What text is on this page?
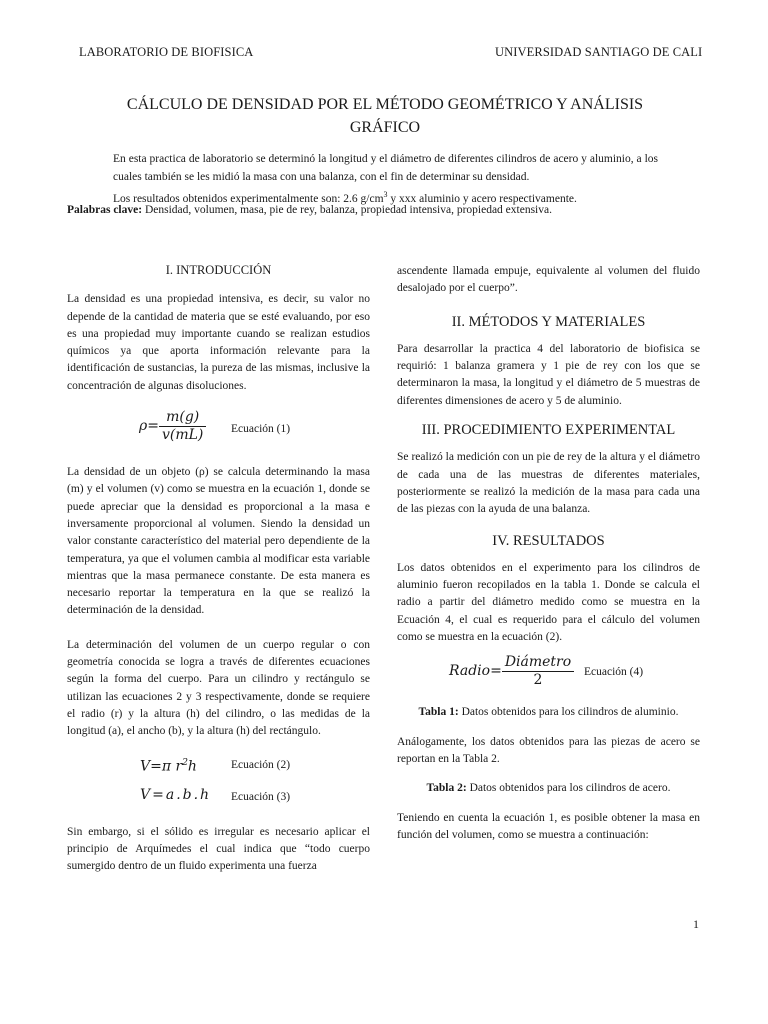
LABORATORIO DE BIOFISICA	UNIVERSIDAD SANTIAGO DE CALI
CÁLCULO DE DENSIDAD POR EL MÉTODO GEOMÉTRICO Y ANÁLISIS
GRÁFICO

En esta practica de laboratorio se determinó la longitud y el diámetro de diferentes cilindros de acero y aluminio, a los cuales también se les midió la masa con una balanza, con el fin de determinar su densidad.

Los resultados obtenidos experimentalmente son: 2.6 $g/cm^3$ y xxx aluminio y acero respectivamente.

Palabras clave: Densidad, volumen, masa, pie de rey, balanza, propiedad intensiva, propiedad extensiva.

I. INTRODUCCIÓN

La densidad es una propiedad intensiva, es decir, su valor no depende de la cantidad de materia que se esté evaluando, por eso es una propiedad muy importante cuando se realizan estudios químicos ya que aporta información relevante para la identificación de sustancias, la pureza de las mismas, inclusive la concentración de algunas disoluciones.

$\rho= \frac{m(g)}{v(mL)}$ Ecuación (1)

La densidad de un objeto (ρ) se calcula determinando la masa (m) y el volumen (v) como se muestra en la ecuación 1, donde se puede apreciar que la densidad es proporcional a la masa e inversamente proporcional al volumen. Siendo la densidad un valor constante característico del material pero dependiente de la temperatura, ya que el volumen cambia al modificar esta variable mientras que la masa permanece constante. De esta manera es necesario reportar la temperatura en la que se realizó la determinación de la densidad.

La determinación del volumen de un cuerpo regular o con geometría conocida se logra a través de diferentes ecuaciones según la forma del cuerpo. Para un cilindro y rectángulo se utilizan las ecuaciones 2 y 3 respectivamente, donde se requiere el radio (r) y la altura (h) del cilindro, o las medidas de la longitud (a), el ancho (b), y la altura (h) del rectángulo.

V=π $r^2h$	Ecuación (2)
V=a.b.h Ecuación (3)

Sin embargo, si el sólido es irregular es necesario aplicar el principio de Arquímedes el cual indica que “todo cuerpo sumergido dentro de un fluido experimenta una fuerza

ascendente llamada empuje, equivalente al volumen del fluido desalojado por el cuerpo”.

II. MÉTODOS Y MATERIALES

Para desarrollar la practica 4 del laboratorio de biofisica se requirió: 1 balanza gramera y 1 pie de rey con los que se determinaron la masa, la longitud y el diámetro de 5 muestras de diferentes dimensiones de acero y 5 de aluminio.

III. PROCEDIMIENTO EXPERIMENTAL

Se realizó la medición con un pie de rey de la altura y el diámetro de cada una de las muestras de diferentes materiales, posteriormente se realizó la medición de la masa para cada una de las piezas con la ayuda de una balanza.

IV. RESULTADOS

Los datos obtenidos en el experimento para los cilindros de aluminio fueron recopilados en la tabla 1. Donde se calcula el radio a partir del diámetro medido como se muestra en la Ecuación 4, el cual es requerido para el cálculo del volumen como se muestra en la ecuación (2).

Radio= $\frac{\text{Diámetro}}{2}$ Ecuación (4)

Tabla 1: Datos obtenidos para los cilindros de aluminio.

Análogamente, los datos obtenidos para las piezas de acero se reportan en la Tabla 2.

Tabla 2: Datos obtenidos para los cilindros de acero.

Teniendo en cuenta la ecuación 1, es posible obtener la masa en función del volumen, como se muestra a continuación:

1
